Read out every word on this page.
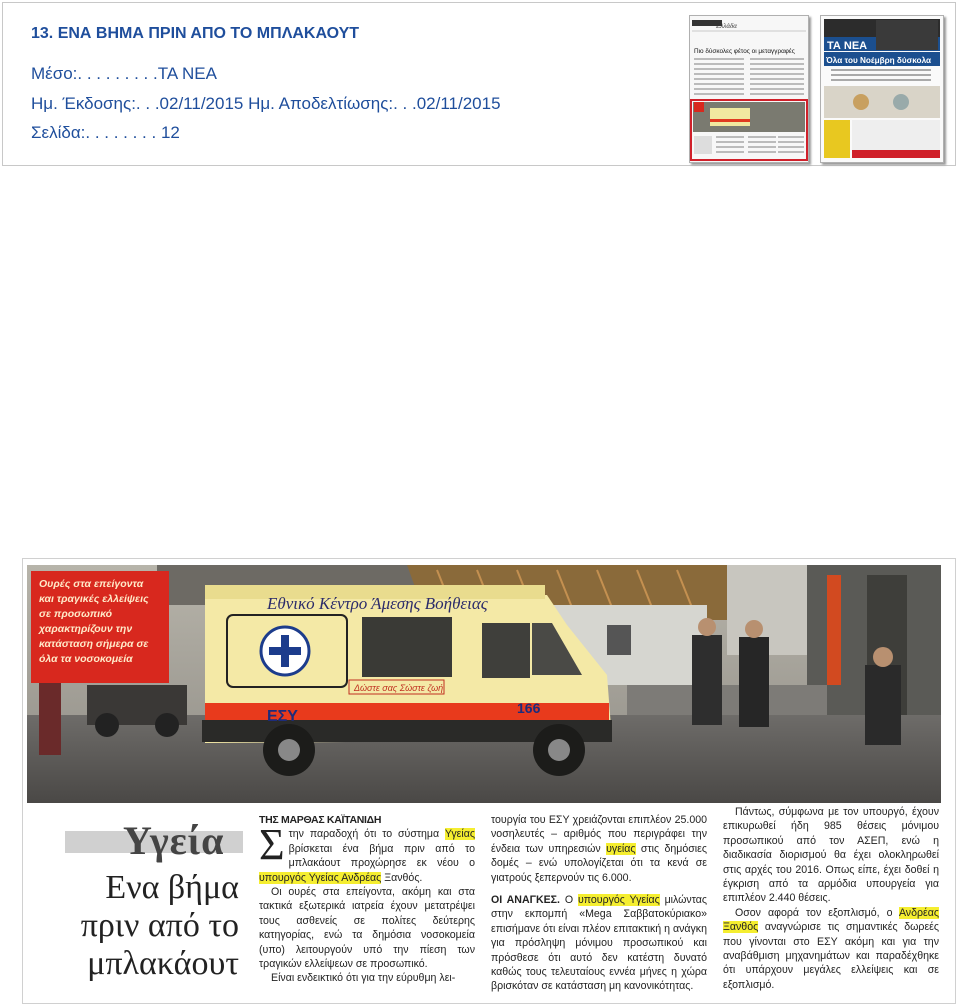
13. ΕΝΑ ΒΗΜΑ ΠΡΙΝ ΑΠΟ ΤΟ ΜΠΛΑΚΑΟΥΤ
Μέσο:. . . . . . . . .ΤΑ ΝΕΑ
Ημ. Έκδοσης:. . .02/11/2015 Ημ. Αποδελτίωσης:. . .02/11/2015
Σελίδα:. . . . . . . . 12
Ελλάδα
Πιο δύσκολες φέτος οι μεταγγραφές	ΤΑ ΝΕΑ
Όλα του Νοέμβρη δύσκολα
Εθνικό Κέντρο Άμεσης Βοήθειας
ΕΣΥ	166
Δώστε σας Σώστε ζωή
Ουρές στα επείγοντα και τραγικές ελλείψεις σε προσωπικό χαρακτηρίζουν την κατάσταση σήμερα σε όλα τα νοσοκομεία
Υγεία
Ενα βήμα πριν από το μπλακάουτ

ΤΗΣ ΜΑΡΘΑΣ ΚΑΪΤΑΝΙΔΗ

Στην παραδοχή ότι το σύστημα Υγείας βρίσκεται ένα βήμα πριν από το μπλακάουτ προχώρησε εκ νέου ο υπουργός Υγείας Ανδρέας Ξανθός.

Οι ουρές στα επείγοντα, ακόμη και στα τακτικά εξωτερικά ιατρεία έχουν μετατρέψει τους ασθενείς σε πολίτες δεύτερης κατηγορίας, ενώ τα δημόσια νοσοκομεία (υπο) λειτουργούν υπό την πίεση των τραγικών ελλείψεων σε προσωπικό.

Είναι ενδεικτικό ότι για την εύρυθμη λει-

τουργία του ΕΣΥ χρειάζονται επιπλέον 25.000 νοσηλευτές – αριθμός που περιγράφει την ένδεια των υπηρεσιών υγείας στις δημόσιες δομές – ενώ υπολογίζεται ότι τα κενά σε γιατρούς ξεπερνούν τις 6.000.

ΟΙ ΑΝΑΓΚΕΣ. Ο υπουργός Υγείας μιλώντας στην εκπομπή «Μega Σαββατοκύριακο» επισήμανε ότι είναι πλέον επιτακτική η ανάγκη για πρόσληψη μόνιμου προσωπικού και πρόσθεσε ότι αυτό δεν κατέστη δυνατό καθώς τους τελευταίους εννέα μήνες η χώρα βρισκόταν σε κατάσταση μη κανονικότητας.

Πάντως, σύμφωνα με τον υπουργό, έχουν επικυρωθεί ήδη 985 θέσεις μόνιμου προσωπικού από τον ΑΣΕΠ, ενώ η διαδικασία διορισμού θα έχει ολοκληρωθεί στις αρχές του 2016. Οπως είπε, έχει δοθεί η έγκριση από τα αρμόδια υπουργεία για επιπλέον 2.440 θέσεις.

Οσον αφορά τον εξοπλισμό, ο Ανδρέας Ξανθός αναγνώρισε τις σημαντικές δωρεές που γίνονται στο ΕΣΥ ακόμη και για την αναβάθμιση μηχανημάτων και παραδέχθηκε ότι υπάρχουν μεγάλες ελλείψεις και σε εξοπλισμό.
